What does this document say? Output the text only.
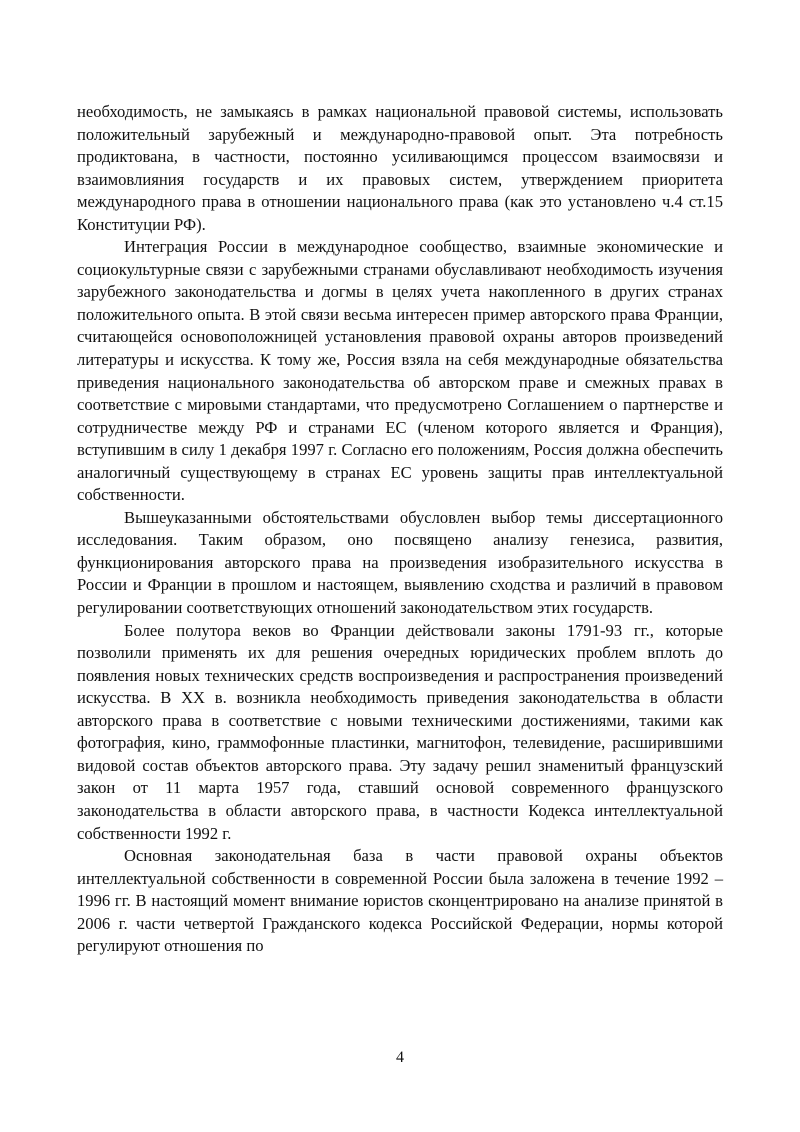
необходимость, не замыкаясь в рамках национальной правовой системы, использовать положительный зарубежный и международно-правовой опыт. Эта потребность продиктована, в частности, постоянно усиливающимся процессом взаимосвязи и взаимовлияния государств и их правовых систем, утверждением приоритета международного права в отношении национального права (как это установлено ч.4 ст.15 Конституции РФ).

Интеграция России в международное сообщество, взаимные экономические и социокультурные связи с зарубежными странами обуславливают необходимость изучения зарубежного законодательства и догмы в целях учета накопленного в других странах положительного опыта. В этой связи весьма интересен пример авторского права Франции, считающейся основоположницей установления правовой охраны авторов произведений литературы и искусства. К тому же, Россия взяла на себя международные обязательства приведения национального законодательства об авторском праве и смежных правах в соответствие с мировыми стандартами, что предусмотрено Соглашением о партнерстве и сотрудничестве между РФ и странами ЕС (членом которого является и Франция), вступившим в силу 1 декабря 1997 г. Согласно его положениям, Россия должна обеспечить аналогичный существующему в странах ЕС уровень защиты прав интеллектуальной собственности.

Вышеуказанными обстоятельствами обусловлен выбор темы диссертационного исследования. Таким образом, оно посвящено анализу генезиса, развития, функционирования авторского права на произведения изобразительного искусства в России и Франции в прошлом и настоящем, выявлению сходства и различий в правовом регулировании соответствующих отношений законодательством этих государств.

Более полутора веков во Франции действовали законы 1791-93 гг., которые позволили применять их для решения очередных юридических проблем вплоть до появления новых технических средств воспроизведения и распространения произведений искусства. В ХХ в. возникла необходимость приведения законодательства в области авторского права в соответствие с новыми техническими достижениями, такими как фотография, кино, граммофонные пластинки, магнитофон, телевидение, расширившими видовой состав объектов авторского права. Эту задачу решил знаменитый французский закон от 11 марта 1957 года, ставший основой современного французского законодательства в области авторского права, в частности Кодекса интеллектуальной собственности 1992 г.

Основная законодательная база в части правовой охраны объектов интеллектуальной собственности в современной России была заложена в течение 1992 – 1996 гг. В настоящий момент внимание юристов сконцентрировано на анализе принятой в 2006 г. части четвертой Гражданского кодекса Российской Федерации, нормы которой регулируют отношения по

4
